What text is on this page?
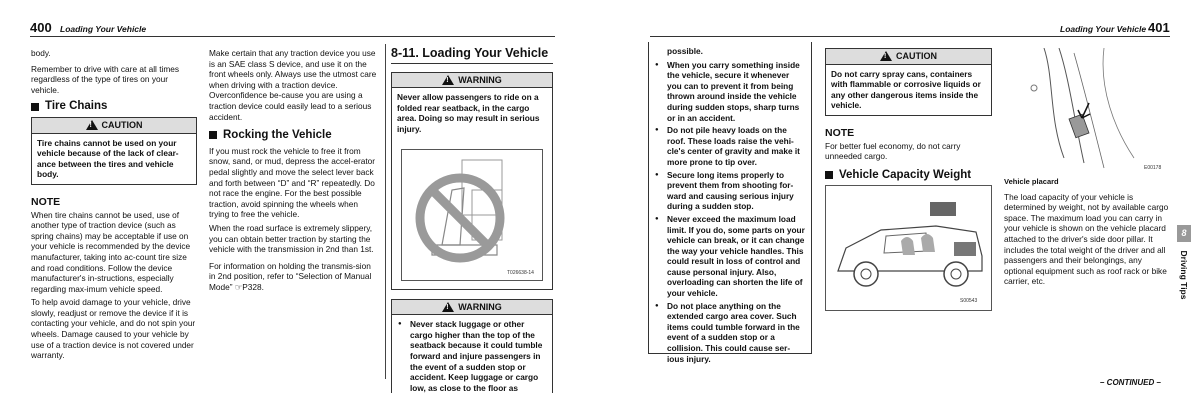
400 Loading Your Vehicle

body.

Remember to drive with care at all times regardless of the type of tires on your vehicle.

Tire Chains
!
CAUTION
Tire chains cannot be used on your vehicle because of the lack of clear-ance between the tires and vehicle body.
NOTE

When tire chains cannot be used, use of another type of traction device (such as spring chains) may be acceptable if use on your vehicle is recommended by the device manufacturer, taking into ac-count tire size and road conditions. Follow the device manufacturer's in-structions, especially regarding max-imum vehicle speed.

To help avoid damage to your vehicle, drive slowly, readjust or remove the device if it is contacting your vehicle, and do not spin your wheels. Damage caused to your vehicle by use of a traction device is not covered under warranty.

Make certain that any traction device you use is an SAE class S device, and use it on the front wheels only. Always use the utmost care when driving with a traction device. Overconfidence be-cause you are using a traction device could easily lead to a serious accident.

Rocking the Vehicle

If you must rock the vehicle to free it from snow, sand, or mud, depress the accel-erator pedal slightly and move the select lever back and forth between “D” and “R” repeatedly. Do not race the engine. For the best possible traction, avoid spinning the wheels when trying to free the vehicle.

When the road surface is extremely slippery, you can obtain better traction by starting the vehicle with the transmission in 2nd than 1st.

For information on holding the transmis-sion in 2nd position, refer to “Selection of Manual Mode” ☞P328.

8-11. Loading Your Vehicle
!
WARNING
Never allow passengers to ride on a folded rear seatback, in the cargo area. Doing so may result in serious injury.
T026638-14
!
WARNING
● Never stack luggage or other cargo higher than the top of the seatback because it could tumble forward and injure passengers in the event of a sudden stop or accident. Keep luggage or cargo low, as close to the floor as
Loading Your Vehicle 401

possible.

● When you carry something inside the vehicle, secure it whenever you can to prevent it from being thrown around inside the vehicle during sudden stops, sharp turns or in an accident.
● Do not pile heavy loads on the roof. These loads raise the vehi-cle's center of gravity and make it more prone to tip over.
● Secure long items properly to prevent them from shooting for-ward and causing serious injury during a sudden stop.
● Never exceed the maximum load limit. If you do, some parts on your vehicle can break, or it can change the way your vehicle handles. This could result in loss of control and cause personal injury. Also, overloading can shorten the life of your vehicle.
● Do not place anything on the extended cargo area cover. Such items could tumble forward in the event of a sudden stop or a collision. This could cause ser-ious injury.
!
CAUTION
Do not carry spray cans, containers with flammable or corrosive liquids or any other dangerous items inside the vehicle.
NOTE

For better fuel economy, do not carry unneeded cargo.

Vehicle Capacity Weight
S00543
E00178
Vehicle placard

The load capacity of your vehicle is determined by weight, not by available cargo space. The maximum load you can carry in your vehicle is shown on the vehicle placard attached to the driver's side door pillar. It includes the total weight of the driver and all passengers and their belongings, any optional equipment such as roof rack or bike carrier, etc.

8
Driving Tips
– CONTINUED –
